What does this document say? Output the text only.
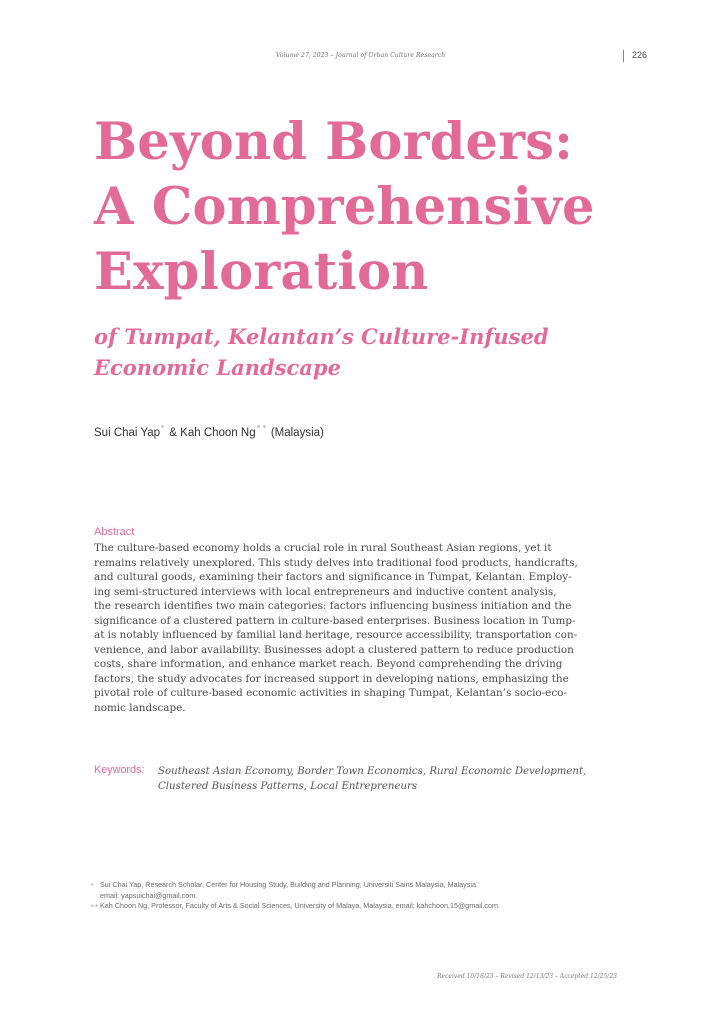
Volume 27, 2023 – Journal of Urban Culture Research	226
Beyond Borders:
A Comprehensive
Exploration
of Tumpat, Kelantan’s Culture-Infused
Economic Landscape
Sui Chai Yap & Kah Choon Ng (Malaysia)
Abstract

The culture-based economy holds a crucial role in rural Southeast Asian regions, yet it
remains relatively unexplored. This study delves into traditional food products, handicrafts,
and cultural goods, examining their factors and significance in Tumpat, Kelantan. Employ-
ing semi-structured interviews with local entrepreneurs and inductive content analysis,
the research identifies two main categories: factors influencing business initiation and the
significance of a clustered pattern in culture-based enterprises. Business location in Tump-
at is notably influenced by familial land heritage, resource accessibility, transportation con-
venience, and labor availability. Businesses adopt a clustered pattern to reduce production
costs, share information, and enhance market reach. Beyond comprehending the driving
factors, the study advocates for increased support in developing nations, emphasizing the
pivotal role of culture-based economic activities in shaping Tumpat, Kelantan’s socio-eco-
nomic landscape.

Keywords: Southeast Asian Economy, Border Town Economics, Rural Economic Development,
Clustered Business Patterns, Local Entrepreneurs
+ Sui Chai Yap, Research Scholar, Center for Housing Study, Building and Planning, Universiti Sains Malaysia, Malaysia.
email: yapsuichai@gmail.com.
++ Kah Choon Ng, Professor, Faculty of Arts & Social Sciences, University of Malaya, Malaysia. email: kahchoon.15@gmail.com.
Received 10/18/23 – Revised 12/13/23 – Accepted 12/25/23
